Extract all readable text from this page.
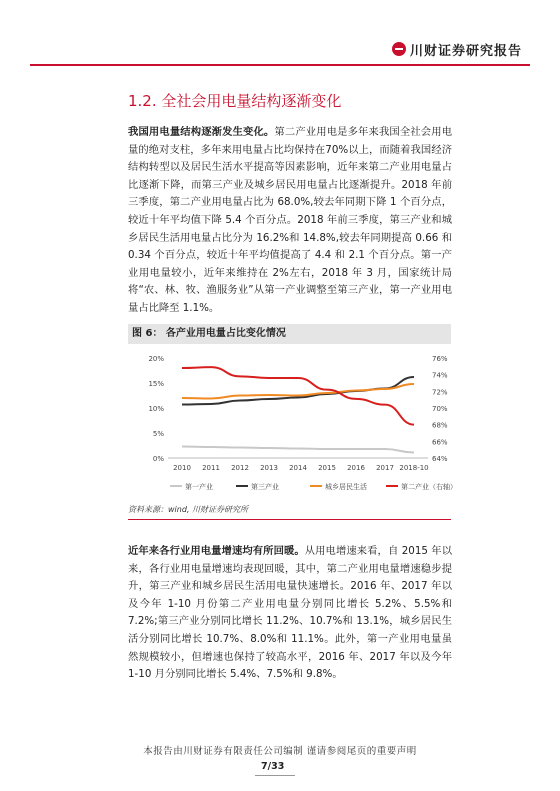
川财证券研究报告
1.2. 全社会用电量结构逐渐变化
我国用电量结构逐渐发生变化。第二产业用电是多年来我国全社会用电量的绝对支柱，多年来用电量占比均保持在70%以上，而随着我国经济结构转型以及居民生活水平提高等因素影响，近年来第二产业用电量占比逐渐下降，而第三产业及城乡居民用电量占比逐渐提升。2018 年前三季度，第二产业用电量占比为 68.0%,较去年同期下降 1 个百分点，较近十年平均值下降 5.4 个百分点。2018 年前三季度，第三产业和城乡居民生活用电量占比分为 16.2%和 14.8%,较去年同期提高 0.66 和 0.34 个百分点，较近十年平均值提高了 4.4 和 2.1 个百分点。第一产业用电量较小，近年来维持在 2%左右，2018 年 3 月，国家统计局将“农、林、牧、渔服务业”从第一产业调整至第三产业，第一产业用电量占比降至 1.1%。
图 6： 各产业用电量占比变化情况
0%
5%
10%
15%
20%
64%
66%
68%
70%
72%
74%
76%
2010 2011 2012 2013 2014 2015 2016 2017 2018-10
第一产业	第三产业	城乡居民生活	第二产业（右轴）
资料来源：wind, 川财证券研究所
近年来各行业用电量增速均有所回暖。从用电增速来看，自 2015 年以来，各行业用电量增速均表现回暖，其中，第二产业用电量增速稳步提升，第三产业和城乡居民生活用电量快速增长。2016 年、2017 年以及今年 1-10 月份第二产业用电量分别同比增长 5.2%、5.5%和 7.2%;第三产业分别同比增长 11.2%、10.7%和 13.1%，城乡居民生活分别同比增长 10.7%、8.0%和 11.1%。此外，第一产业用电量虽然规模较小，但增速也保持了较高水平，2016 年、2017 年以及今年 1-10 月分别同比增长 5.4%、7.5%和 9.8%。
本报告由川财证券有限责任公司编制 谨请参阅尾页的重要声明
7/33
